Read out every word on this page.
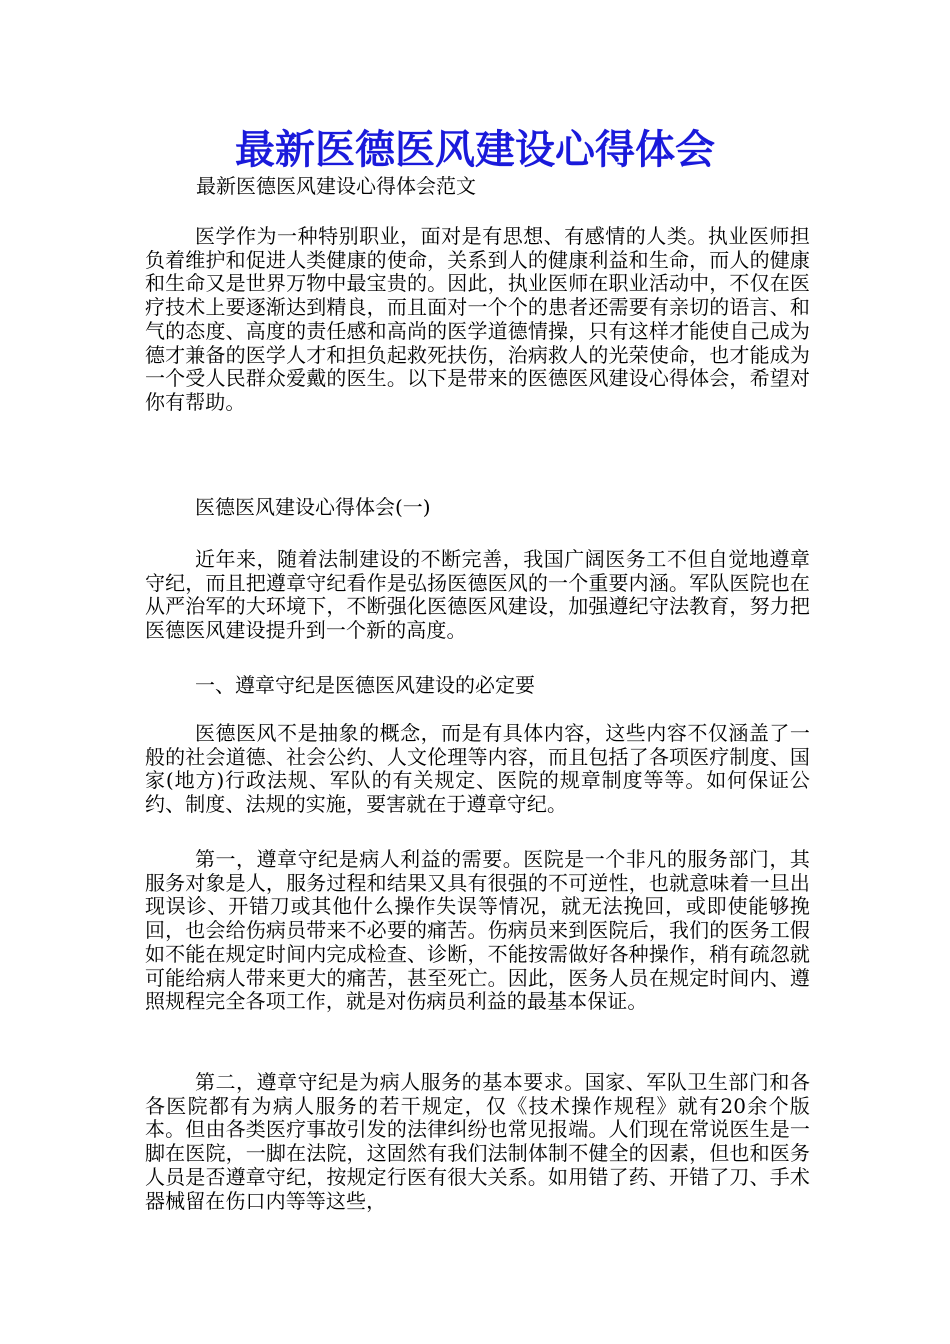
最新医德医风建设心得体会
最新医德医风建设心得体会范文

医学作为一种特别职业，面对是有思想、有感情的人类。执业医师担负着维护和促进人类健康的使命，关系到人的健康利益和生命，而人的健康和生命又是世界万物中最宝贵的。因此，执业医师在职业活动中，不仅在医疗技术上要逐渐达到精良，而且面对一个个的患者还需要有亲切的语言、和气的态度、高度的责任感和高尚的医学道德情操，只有这样才能使自己成为德才兼备的医学人才和担负起救死扶伤，治病救人的光荣使命，也才能成为一个受人民群众爱戴的医生。以下是带来的医德医风建设心得体会，希望对你有帮助。

医德医风建设心得体会(一)

近年来，随着法制建设的不断完善，我国广阔医务工不但自觉地遵章守纪，而且把遵章守纪看作是弘扬医德医风的一个重要内涵。军队医院也在从严治军的大环境下，不断强化医德医风建设，加强遵纪守法教育，努力把医德医风建设提升到一个新的高度。

一、遵章守纪是医德医风建设的必定要

医德医风不是抽象的概念，而是有具体内容，这些内容不仅涵盖了一般的社会道德、社会公约、人文伦理等内容，而且包括了各项医疗制度、国家(地方)行政法规、军队的有关规定、医院的规章制度等等。如何保证公约、制度、法规的实施，要害就在于遵章守纪。

第一，遵章守纪是病人利益的需要。医院是一个非凡的服务部门，其服务对象是人，服务过程和结果又具有很强的不可逆性，也就意味着一旦出现误诊、开错刀或其他什么操作失误等情况，就无法挽回，或即使能够挽回，也会给伤病员带来不必要的痛苦。伤病员来到医院后，我们的医务工假如不能在规定时间内完成检查、诊断，不能按需做好各种操作，稍有疏忽就可能给病人带来更大的痛苦，甚至死亡。因此，医务人员在规定时间内、遵照规程完全各项工作，就是对伤病员利益的最基本保证。

第二，遵章守纪是为病人服务的基本要求。国家、军队卫生部门和各各医院都有为病人服务的若干规定，仅《技术操作规程》就有20余个版本。但由各类医疗事故引发的法律纠纷也常见报端。人们现在常说医生是一脚在医院，一脚在法院，这固然有我们法制体制不健全的因素，但也和医务人员是否遵章守纪，按规定行医有很大关系。如用错了药、开错了刀、手术器械留在伤口内等等这些，
